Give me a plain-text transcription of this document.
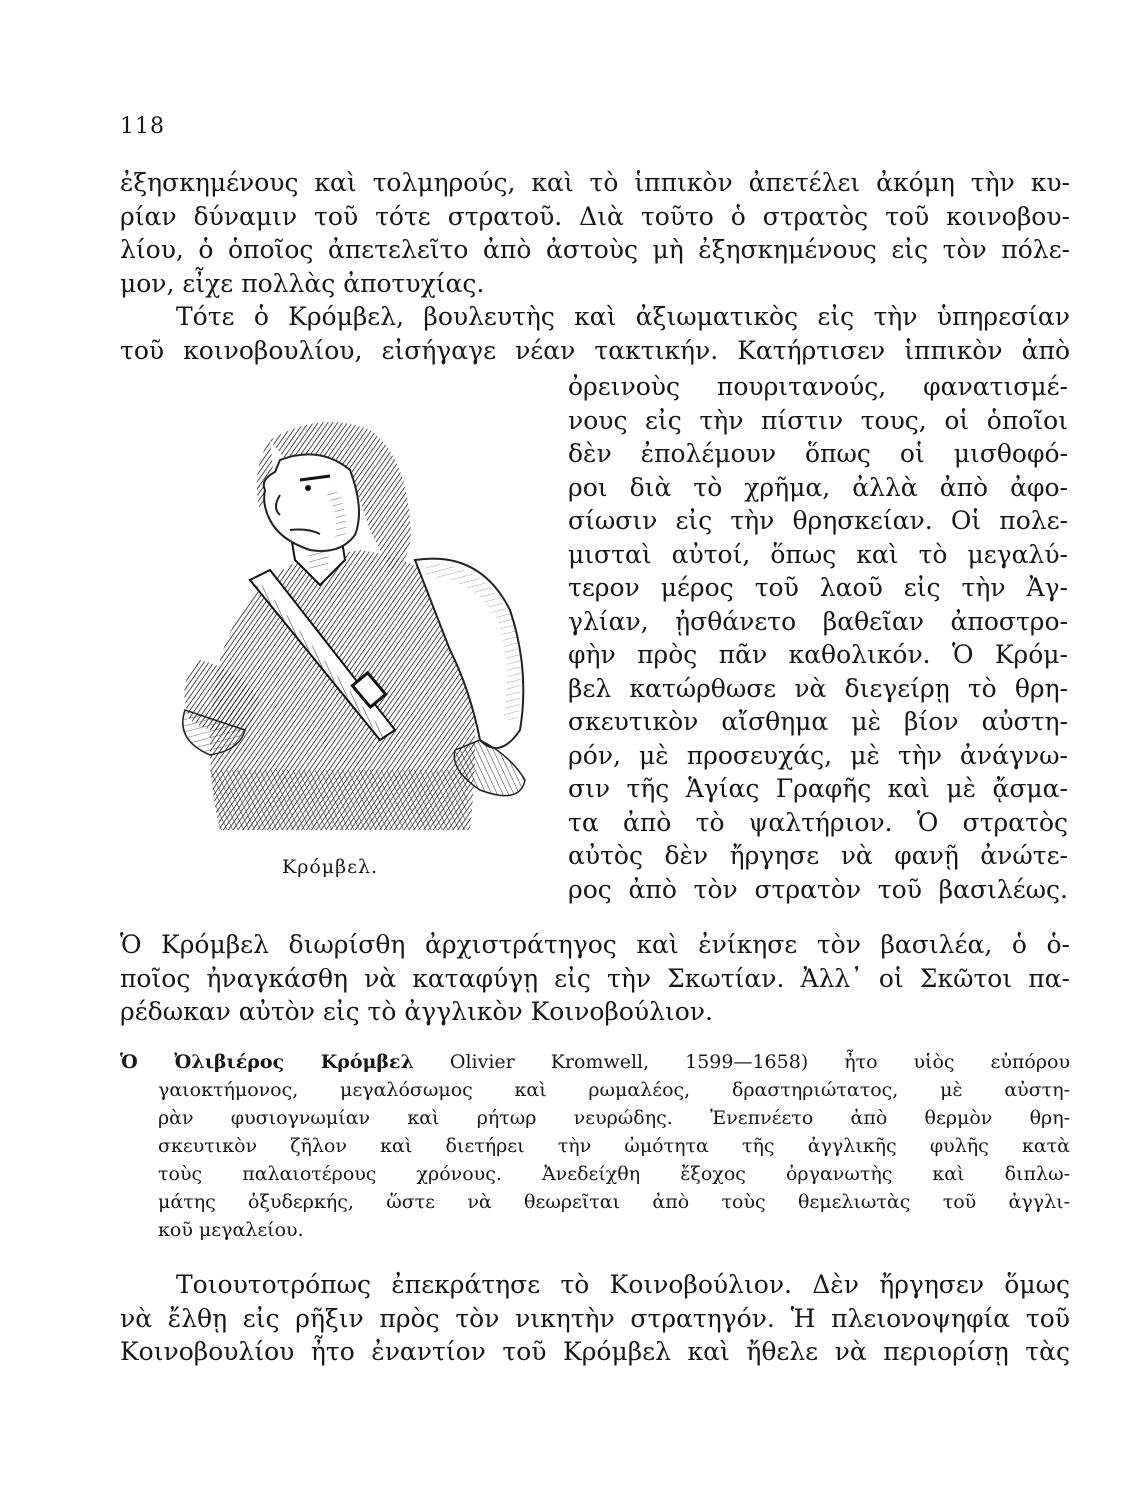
118
ἐξησκημένους καὶ τολμηρούς, καὶ τὸ ἱππικὸν ἀπετέλει ἀκόμη τὴν κυ-
ρίαν δύναμιν τοῦ τότε στρατοῦ. Διὰ τοῦτο ὁ στρατὸς τοῦ κοινοβου-
λίου, ὁ ὁποῖος ἀπετελεῖτο ἀπὸ ἀστοὺς μὴ ἐξησκημένους εἰς τὸν πόλε-
μον, εἶχε πολλὰς ἀποτυχίας.
Τότε ὁ Κρόμβελ, βουλευτὴς καὶ ἀξιωματικὸς εἰς τὴν ὑπηρεσίαν
τοῦ κοινοβουλίου, εἰσήγαγε νέαν τακτικήν. Κατήρτισεν ἱππικὸν ἀπὸ
Κρόμβελ.
ὀρεινοὺς πουριτανούς, φανατισμέ-
νους εἰς τὴν πίστιν τους, οἱ ὁποῖοι
δὲν ἐπολέμουν ὅπως οἱ μισθοφό-
ροι διὰ τὸ χρῆμα, ἀλλὰ ἀπὸ ἀφο-
σίωσιν εἰς τὴν θρησκείαν. Οἱ πολε-
μισταὶ αὐτοί, ὅπως καὶ τὸ μεγαλύ-
τερον μέρος τοῦ λαοῦ εἰς τὴν Ἀγ-
γλίαν, ᾐσθάνετο βαθεῖαν ἀποστρο-
φὴν πρὸς πᾶν καθολικόν. Ὁ Κρόμ-
βελ κατώρθωσε νὰ διεγείρῃ τὸ θρη-
σκευτικὸν αἴσθημα μὲ βίον αὐστη-
ρόν, μὲ προσευχάς, μὲ τὴν ἀνάγνω-
σιν τῆς Ἁγίας Γραφῆς καὶ μὲ ᾄσμα-
τα ἀπὸ τὸ ψαλτήριον. Ὁ στρατὸς
αὐτὸς δὲν ἤργησε νὰ φανῇ ἀνώτε-
ρος ἀπὸ τὸν στρατὸν τοῦ βασιλέως.
Ὁ Κρόμβελ διωρίσθη ἀρχιστράτηγος καὶ ἐνίκησε τὸν βασιλέα, ὁ ὁ-
ποῖος ἠναγκάσθη νὰ καταφύγῃ εἰς τὴν Σκωτίαν. Ἀλλ᾽ οἱ Σκῶτοι πα-
ρέδωκαν αὐτὸν εἰς τὸ ἀγγλικὸν Κοινοβούλιον.
Ὁ Ὀλιβιέρος Κρόμβελ Olivier Kromwell, 1599—1658) ἦτο υἱὸς εὐπόρου
γαιοκτήμονος, μεγαλόσωμος καὶ ρωμαλέος, δραστηριώτατος, μὲ αὐστη-
ρὰν φυσιογνωμίαν καὶ ρήτωρ νευρώδης. Ἐνεπνέετο ἀπὸ θερμὸν θρη-
σκευτικὸν ζῆλον καὶ διετήρει τὴν ὠμότητα τῆς ἀγγλικῆς φυλῆς κατὰ
τοὺς παλαιοτέρους χρόνους. Ἀνεδείχθη ἔξοχος ὀργανωτὴς καὶ διπλω-
μάτης ὀξυδερκής, ὥστε νὰ θεωρεῖται ἀπὸ τοὺς θεμελιωτὰς τοῦ ἀγγλι-
κοῦ μεγαλείου.
Τοιουτοτρόπως ἐπεκράτησε τὸ Κοινοβούλιον. Δὲν ἤργησεν ὅμως
νὰ ἔλθῃ εἰς ρῆξιν πρὸς τὸν νικητὴν στρατηγόν. Ἡ πλειονοψηφία τοῦ
Κοινοβουλίου ἦτο ἐναντίον τοῦ Κρόμβελ καὶ ἤθελε νὰ περιορίσῃ τὰς
